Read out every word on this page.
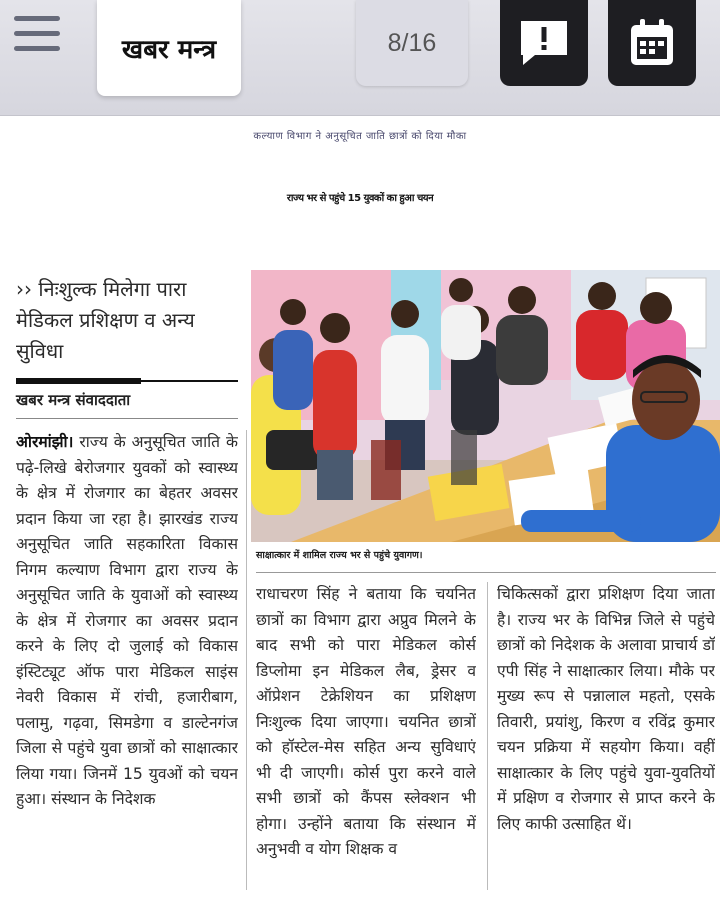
खबर मन्त्र	8/16
कल्याण विभाग ने अनुसूचित जाति छात्रों को दिया मौका
राज्य भर से पहुंचे 15 युवकों का हुआ चयन
›› निःशुल्क मिलेगा पारा मेडिकल प्रशिक्षण व अन्य सुविधा
खबर मन्त्र संवाददाता
ओरमांझी। राज्य के अनुसूचित जाति के पढ़े-लिखे बेरोजगार युवकों को स्वास्थ्य के क्षेत्र में रोजगार का बेहतर अवसर प्रदान किया जा रहा है। झारखंड राज्य अनुसूचित जाति सहकारिता विकास निगम कल्याण विभाग द्वारा राज्य के अनुसूचित जाति के युवाओं को स्वास्थ्य के क्षेत्र में रोजगार का अवसर प्रदान करने के लिए दो जुलाई को विकास इंस्टिट्यूट ऑफ पारा मेडिकल साइंस नेवरी विकास में रांची, हजारीबाग, पलामु, गढ़वा, सिमडेगा व डाल्टेनगंज जिला से पहुंचे युवा छात्रों को साक्षात्कार लिया गया। जिनमें 15 युवओं को चयन हुआ। संस्थान के निदेशक
साक्षात्कार में शामिल राज्य भर से पहुंचे युवागण।
राधाचरण सिंह ने बताया कि चयनित छात्रों का विभाग द्वारा अप्रुव मिलने के बाद सभी को पारा मेडिकल कोर्स डिप्लोमा इन मेडिकल लैब, ड्रेसर व ऑप्रेशन टेक्रेशियन का प्रशिक्षण निःशुल्क दिया जाएगा। चयनित छात्रों को हॉस्टेल-मेस सहित अन्य सुविधाएं भी दी जाएगी। कोर्स पुरा करने वाले सभी छात्रों को कैंपस स्लेक्शन भी होगा। उन्होंने बताया कि संस्थान में अनुभवी व योग शिक्षक व
चिकित्सकों द्वारा प्रशिक्षण दिया जाता है। राज्य भर के विभिन्न जिले से पहुंचे छात्रों को निदेशक के अलावा प्राचार्य डॉ एपी सिंह ने साक्षात्कार लिया। मौके पर मुख्य रूप से पन्नालाल महतो, एसके तिवारी, प्रयांशु, किरण व रविंद्र कुमार चयन प्रक्रिया में सहयोग किया। वहीं साक्षात्कार के लिए पहुंचे युवा-युवतियों में प्रक्षिण व रोजगार से प्राप्त करने के लिए काफी उत्साहित थें।
